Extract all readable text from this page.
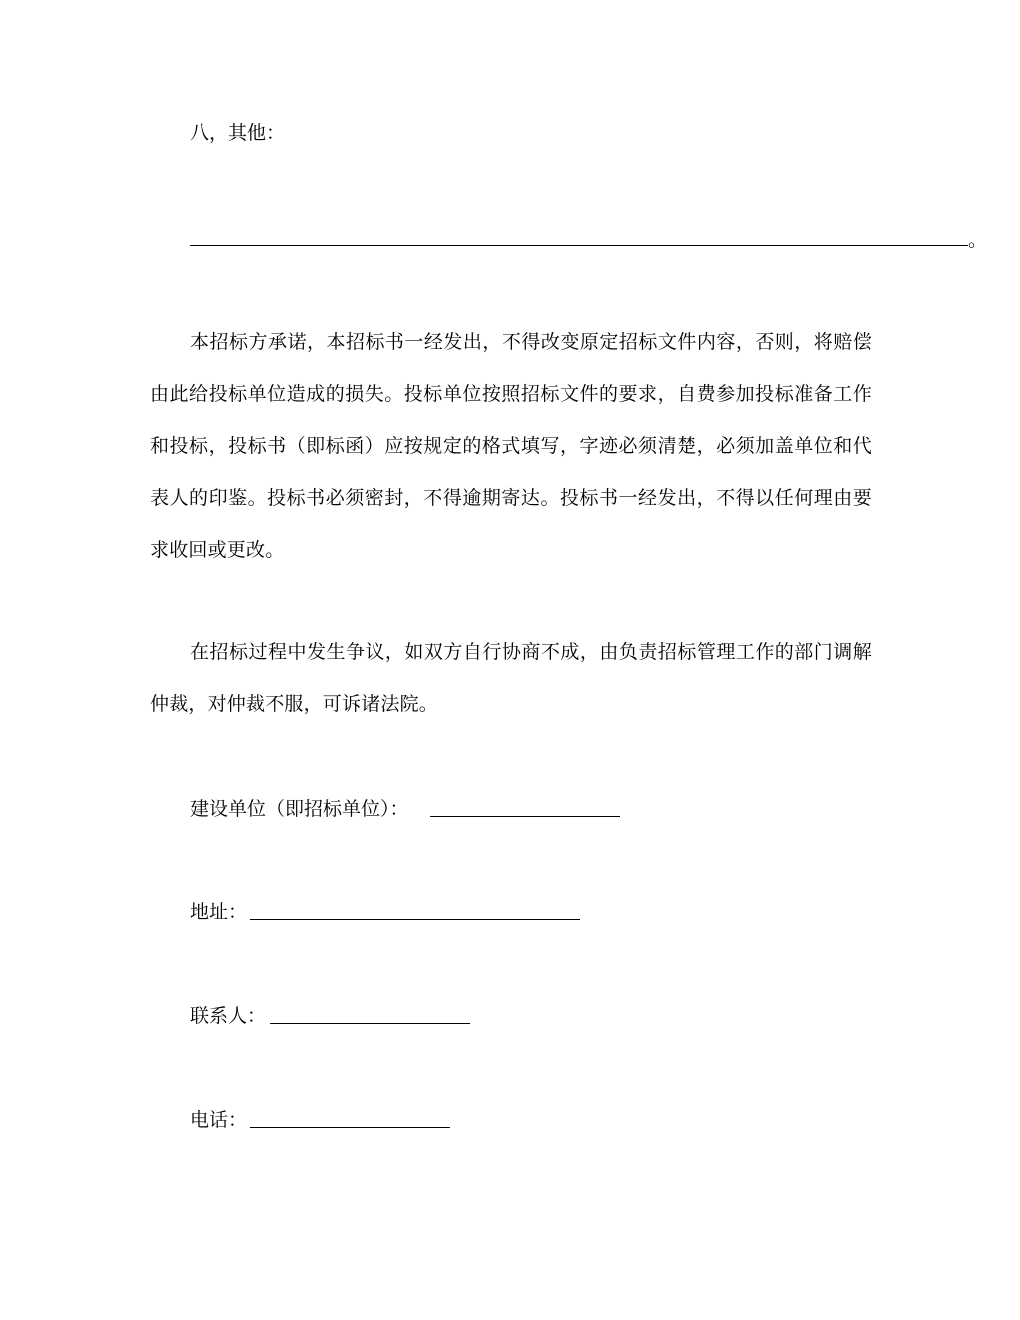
八，其他：
。

本招标方承诺，本招标书一经发出，不得改变原定招标文件内容，否则，将赔偿由此给投标单位造成的损失。投标单位按照招标文件的要求，自费参加投标准备工作和投标，投标书（即标函）应按规定的格式填写，字迹必须清楚，必须加盖单位和代表人的印鉴。投标书必须密封，不得逾期寄达。投标书一经发出，不得以任何理由要求收回或更改。

在招标过程中发生争议，如双方自行协商不成，由负责招标管理工作的部门调解仲裁，对仲裁不服，可诉诸法院。

建设单位（即招标单位）：
地址：
联系人：
电话：
